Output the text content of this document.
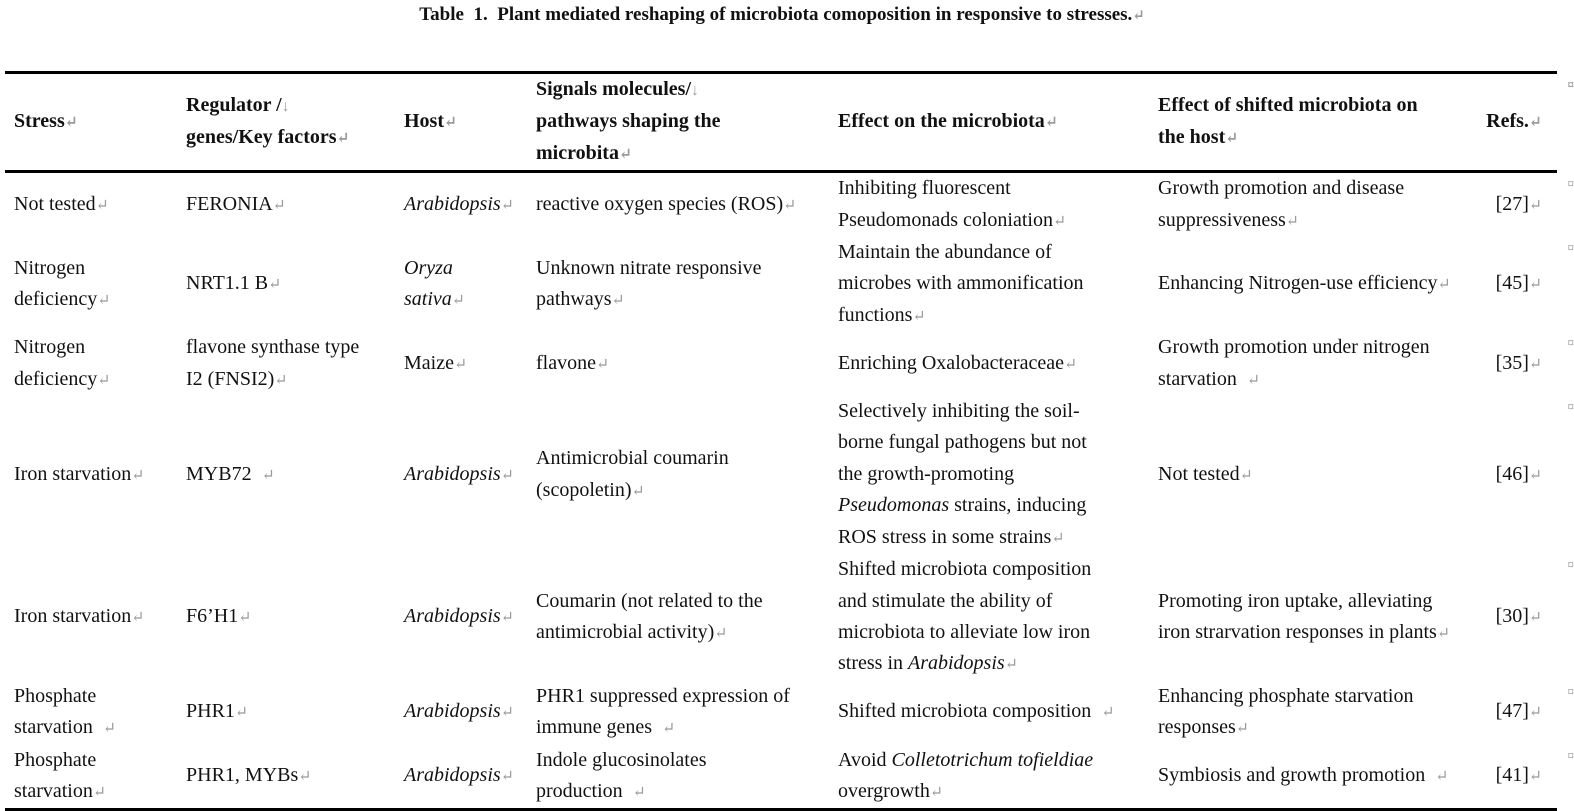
Table  1.  Plant mediated reshaping of microbiota comoposition in responsive to stresses.↵
Stress↵	Regulator /↓
genes/Key factors↵	Host↵	Signals molecules/↓
pathways shaping the
microbita↵	Effect on the microbiota↵	Effect of shifted microbiota on
the host↵	Refs.↵
¤

Not tested↵	FERONIA↵	Arabidopsis↵	reactive oxygen species (ROS)↵	Inhibiting fluorescent
Pseudomonads coloniation↵	Growth promotion and disease
suppressiveness↵	[27]↵
¤

Nitrogen
deficiency↵	NRT1.1 B↵	Oryza
sativa↵	Unknown nitrate responsive
pathways↵	Maintain the abundance of
microbes with ammonification
functions↵	Enhancing Nitrogen-use efficiency↵	[45]↵
¤

Nitrogen
deficiency↵	flavone synthase type
I2 (FNSI2)↵	Maize↵	flavone↵	Enriching Oxalobacteraceae↵	Growth promotion under nitrogen
starvation  ↵	[35]↵
¤

Iron starvation↵	MYB72  ↵	Arabidopsis↵	Antimicrobial coumarin
(scopoletin)↵	Selectively inhibiting the soil-
borne fungal pathogens but not
the growth-promoting
Pseudomonas strains, inducing
ROS stress in some strains↵	Not tested↵	[46]↵
¤

Iron starvation↵	F6’H1↵	Arabidopsis↵	Coumarin (not related to the
antimicrobial activity)↵	Shifted microbiota composition
and stimulate the ability of
microbiota to alleviate low iron
stress in Arabidopsis↵	Promoting iron uptake, alleviating
iron strarvation responses in plants↵	[30]↵
¤

Phosphate
starvation  ↵	PHR1↵	Arabidopsis↵	PHR1 suppressed expression of
immune genes  ↵	Shifted microbiota composition  ↵	Enhancing phosphate starvation
responses↵	[47]↵
¤

Phosphate
starvation↵	PHR1, MYBs↵	Arabidopsis↵	Indole glucosinolates
production  ↵	Avoid Colletotrichum tofieldiae
overgrowth↵	Symbiosis and growth promotion  ↵	[41]↵
¤
